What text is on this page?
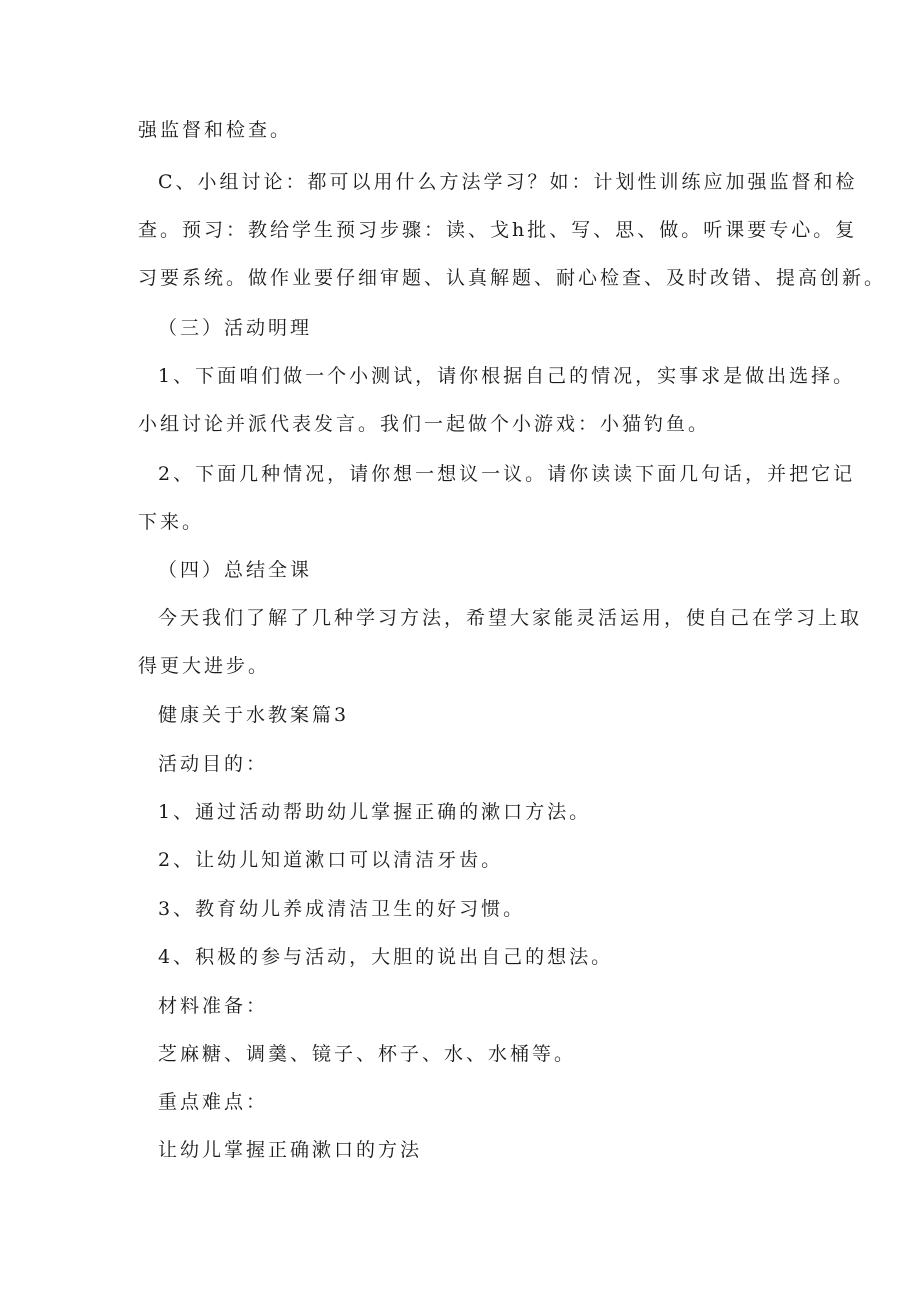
强监督和检查。
C、小组讨论：都可以用什么方法学习？如：计划性训练应加强监督和检
查。预习：教给学生预习步骤：读、戈h批、写、思、做。听课要专心。复
习要系统。做作业要仔细审题、认真解题、耐心检查、及时改错、提高创新。
（三）活动明理
1、下面咱们做一个小测试，请你根据自己的情况，实事求是做出选择。
小组讨论并派代表发言。我们一起做个小游戏：小猫钓鱼。
2、下面几种情况，请你想一想议一议。请你读读下面几句话，并把它记
下来。
（四）总结全课
今天我们了解了几种学习方法，希望大家能灵活运用，使自己在学习上取
得更大进步。
健康关于水教案篇3
活动目的：
1、通过活动帮助幼儿掌握正确的漱口方法。
2、让幼儿知道漱口可以清洁牙齿。
3、教育幼儿养成清洁卫生的好习惯。
4、积极的参与活动，大胆的说出自己的想法。
材料准备：
芝麻糖、调羹、镜子、杯子、水、水桶等。
重点难点：
让幼儿掌握正确漱口的方法
